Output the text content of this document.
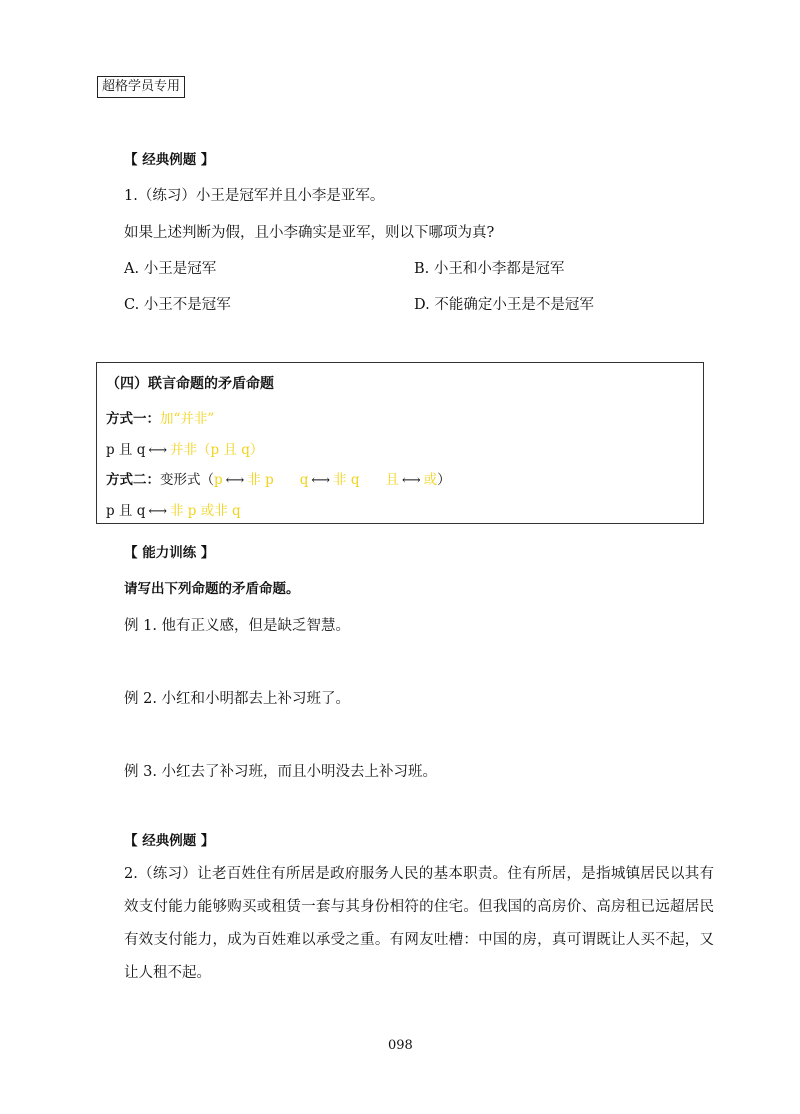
超格学员专用
【 经典例题 】
1.（练习）小王是冠军并且小李是亚军。
如果上述判断为假，且小李确实是亚军，则以下哪项为真?
A. 小王是冠军	B. 小王和小李都是冠军
C. 小王不是冠军	D. 不能确定小王是不是冠军
（四）联言命题的矛盾命题
方式一：加“并非”
p 且 q ⟷ 并非（p 且 q）
方式二：变形式（p ⟷ 非 p q ⟷ 非 q 且 ⟷ 或）
p 且 q ⟷ 非 p 或非 q
【 能力训练 】
请写出下列命题的矛盾命题。
例 1. 他有正义感，但是缺乏智慧。
例 2. 小红和小明都去上补习班了。
例 3. 小红去了补习班，而且小明没去上补习班。
【 经典例题 】
2.（练习）让老百姓住有所居是政府服务人民的基本职责。住有所居，是指城镇居民以其有效支付能力能够购买或租赁一套与其身份相符的住宅。但我国的高房价、高房租已远超居民有效支付能力，成为百姓难以承受之重。有网友吐槽：中国的房，真可谓既让人买不起，又让人租不起。
098
